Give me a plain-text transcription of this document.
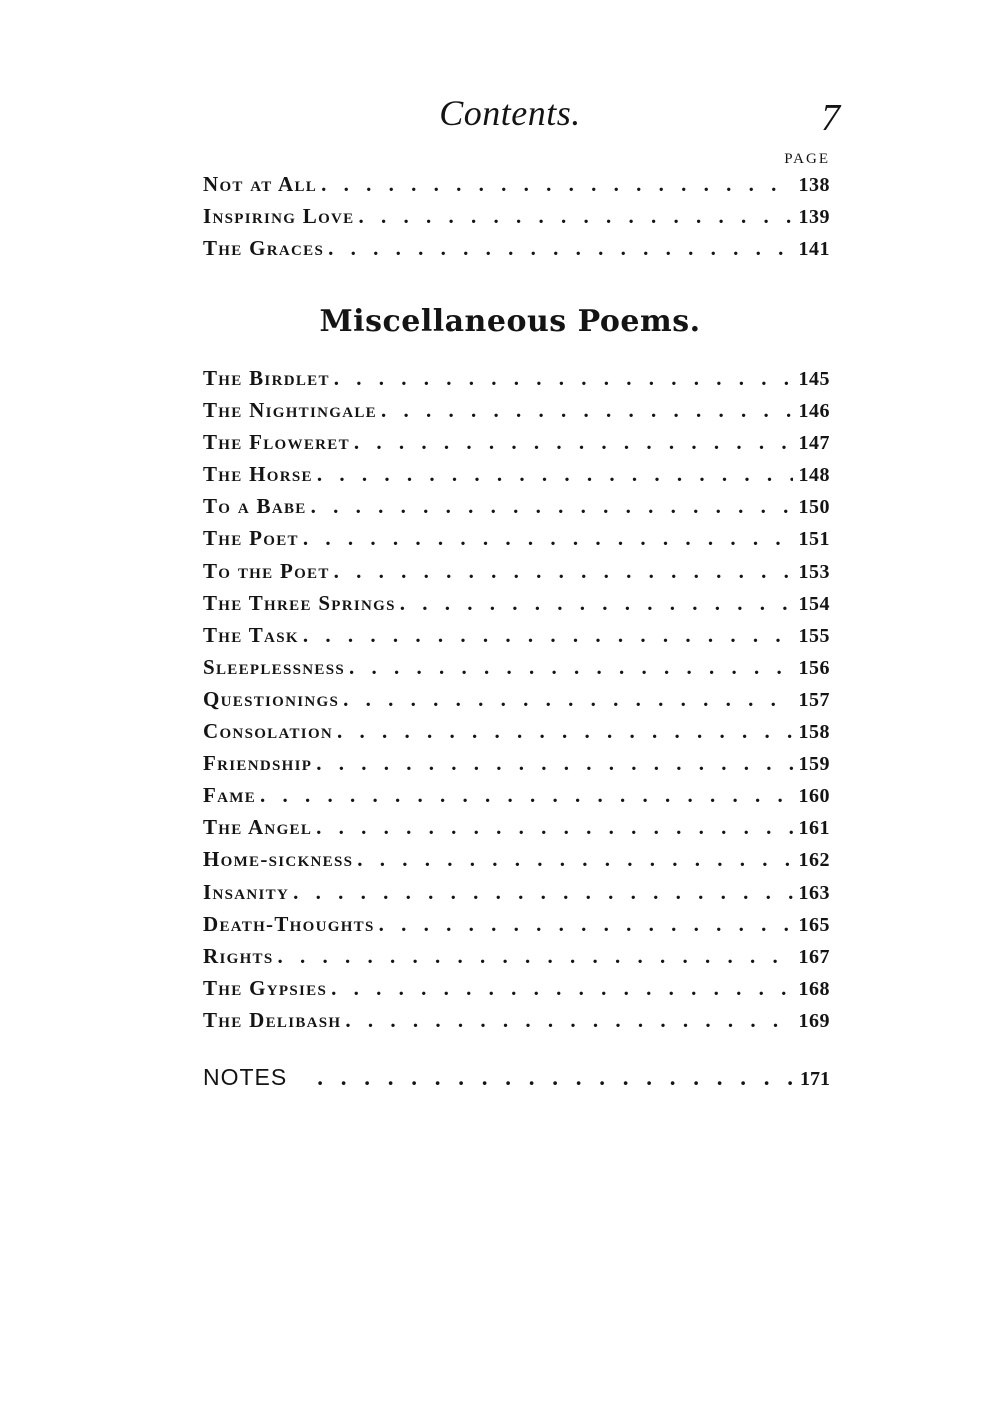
Contents.	7
PAGE
Not at All . . .	138
Inspiring Love . . .	139
The Graces . . .	141
Miscellaneous Poems.
The Birdlet . . .	145
The Nightingale . . .	146
The Floweret . . .	147
The Horse . . .	148
To a Babe . . .	150
The Poet . . .	151
To the Poet . . .	153
The Three Springs . . .	154
The Task . . .	155
Sleeplessness . . .	156
Questionings . . .	157
Consolation . . .	158
Friendship . . .	159
Fame . . .	160
The Angel . . .	161
Home-sickness . . .	162
Insanity . . .	163
Death-Thoughts . . .	165
Rights . . .	167
The Gypsies . . .	168
The Delibash . . .	169
NOTES . . .	171
